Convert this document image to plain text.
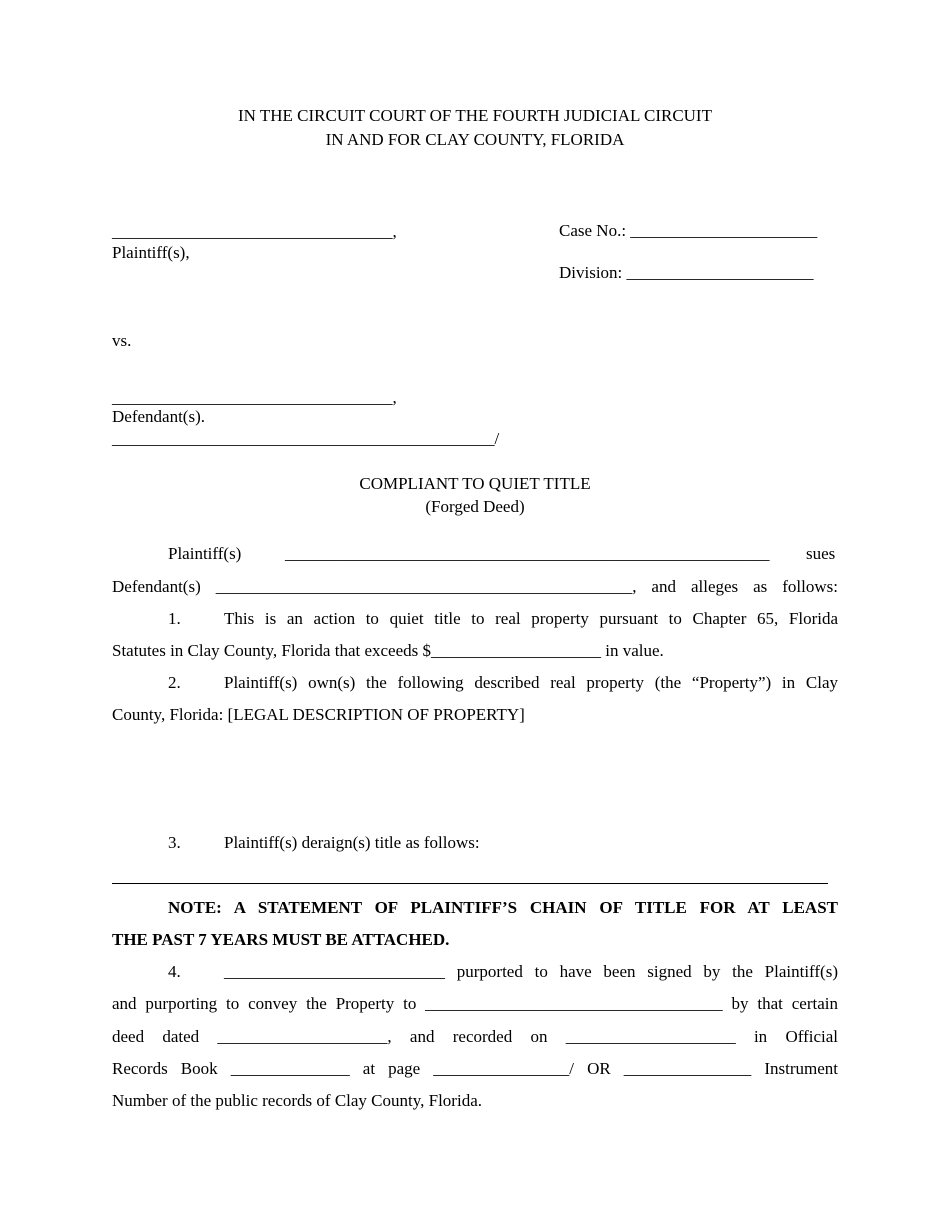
IN THE CIRCUIT COURT OF THE FOURTH JUDICIAL CIRCUIT
IN AND FOR CLAY COUNTY, FLORIDA
_________________________________,
Plaintiff(s),
Case No.: ______________________
Division: ______________________
vs.
_________________________________,
Defendant(s).
_____________________________________________/
COMPLIANT TO QUIET TITLE
(Forged Deed)
Plaintiff(s)	_________________________________________________________ sues
Defendant(s) _________________________________________________, and alleges as follows:
1.	This is an action to quiet title to real property pursuant to Chapter 65, Florida
Statutes in Clay County, Florida that exceeds $____________________ in value.
2.	Plaintiff(s) own(s) the following described real property (the “Property”) in Clay
County, Florida: [LEGAL DESCRIPTION OF PROPERTY]
3.	Plaintiff(s) deraign(s) title as follows:
NOTE: A STATEMENT OF PLAINTIFF’S CHAIN OF TITLE FOR AT LEAST
THE PAST 7 YEARS MUST BE ATTACHED.
4.	__________________________ purported to have been signed by the Plaintiff(s)
and purporting to convey the Property to ___________________________________ by that certain
deed dated ____________________, and recorded on ____________________ in Official
Records Book ______________ at page ________________/ OR _______________ Instrument
Number of the public records of Clay County, Florida.
